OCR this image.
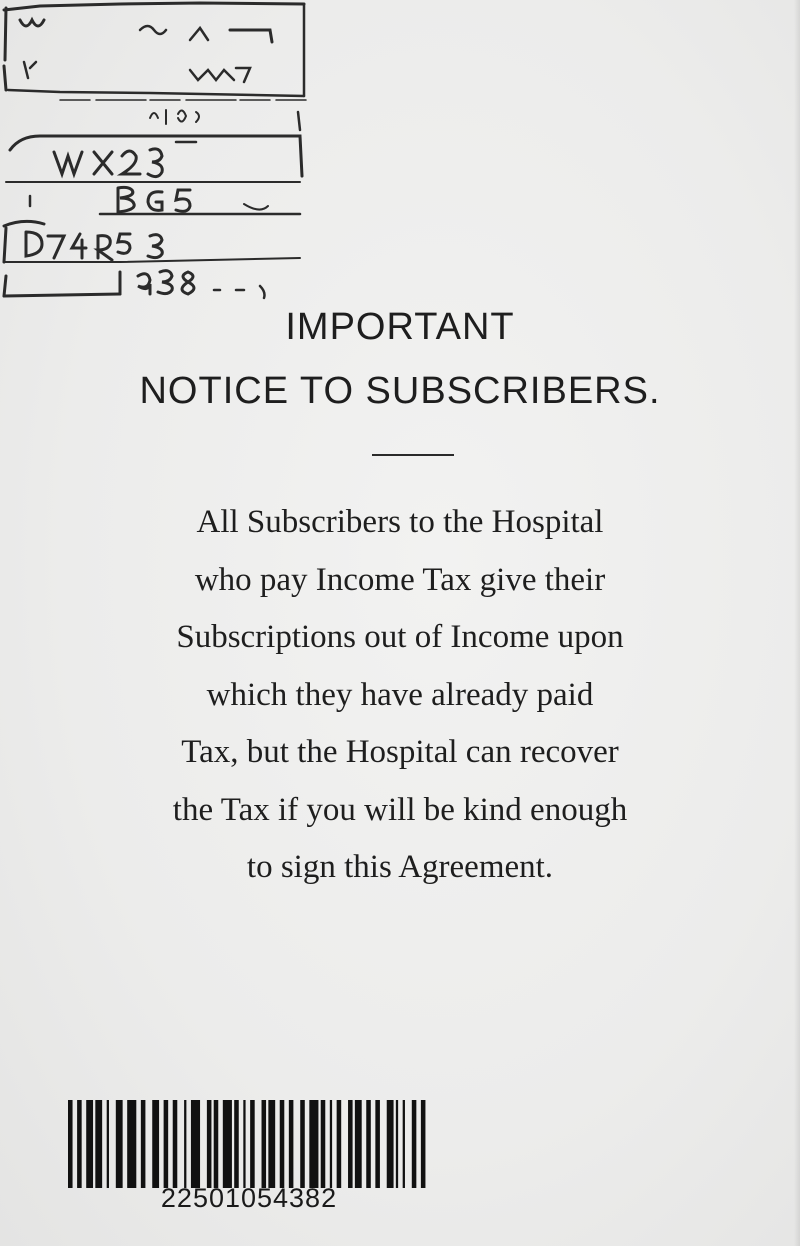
IMPORTANT
NOTICE TO SUBSCRIBERS.

All Subscribers to the Hospital
who pay Income Tax give their
Subscriptions out of Income upon
which they have already paid
Tax, but the Hospital can recover
the Tax if you will be kind enough
to sign this Agreement.

22501054382
